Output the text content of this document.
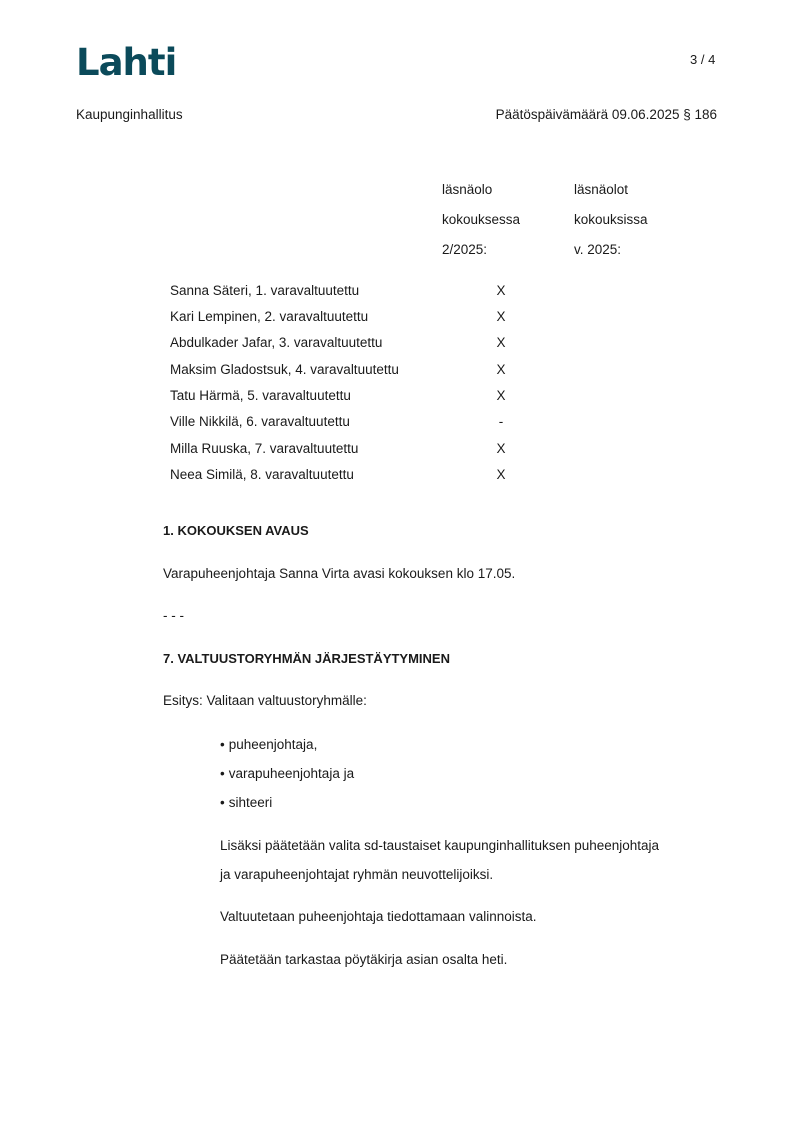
Lahti	3 / 4
Kaupunginhallitus	Päätöspäivämäärä 09.06.2025 § 186
läsnäolo
kokouksessa
2/2025:
läsnäolot
kokouksissa
v. 2025:
Sanna Säteri, 1. varavaltuutettu	X
Kari Lempinen, 2. varavaltuutettu	X
Abdulkader Jafar, 3. varavaltuutettu	X
Maksim Gladostsuk, 4. varavaltuutettu	X
Tatu Härmä, 5. varavaltuutettu	X
Ville Nikkilä, 6. varavaltuutettu	-
Milla Ruuska, 7. varavaltuutettu	X
Neea Similä, 8. varavaltuutettu	X
1. KOKOUKSEN AVAUS
Varapuheenjohtaja Sanna Virta avasi kokouksen klo 17.05.
- - -
7. VALTUUSTORYHMÄN JÄRJESTÄYTYMINEN
Esitys: Valitaan valtuustoryhmälle:
• puheenjohtaja,
• varapuheenjohtaja ja
• sihteeri
Lisäksi päätetään valita sd-taustaiset kaupunginhallituksen puheenjohtaja
ja varapuheenjohtajat ryhmän neuvottelijoiksi.
Valtuutetaan puheenjohtaja tiedottamaan valinnoista.
Päätetään tarkastaa pöytäkirja asian osalta heti.
